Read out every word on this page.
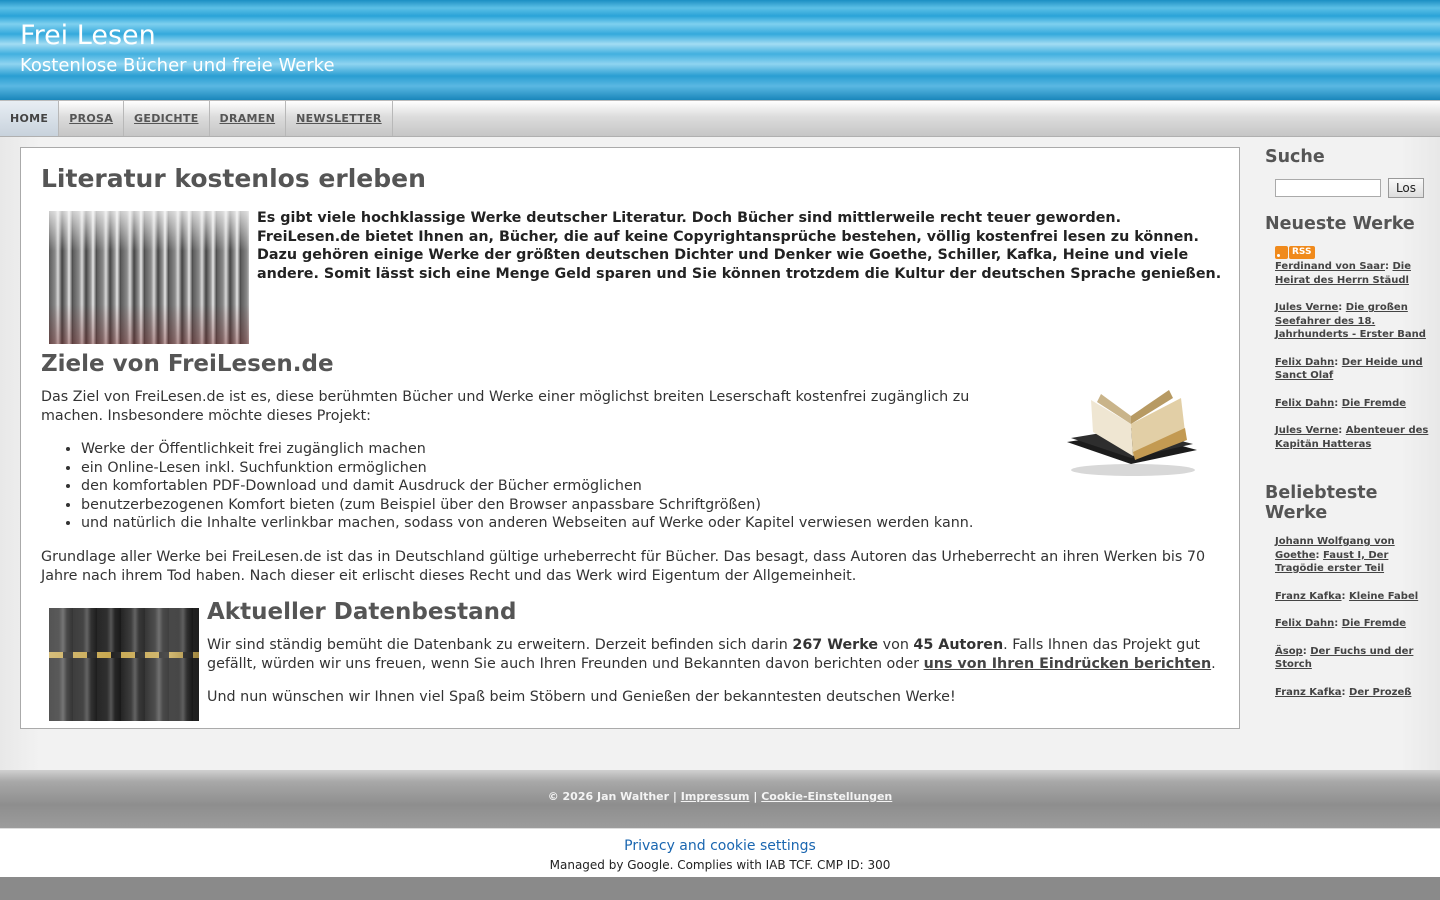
Frei Lesen

Kostenlose Bücher und freie Werke

HOME PROSA GEDICHTE DRAMEN NEWSLETTER
Literatur kostenlos erleben

Es gibt viele hochklassige Werke deutscher Literatur. Doch Bücher sind mittlerweile recht teuer geworden. FreiLesen.de bietet Ihnen an, Bücher, die auf keine Copyrightansprüche bestehen, völlig kostenfrei lesen zu können. Dazu gehören einige Werke der größten deutschen Dichter und Denker wie Goethe, Schiller, Kafka, Heine und viele andere. Somit lässt sich eine Menge Geld sparen und Sie können trotzdem die Kultur der deutschen Sprache genießen.

Ziele von FreiLesen.de

Das Ziel von FreiLesen.de ist es, diese berühmten Bücher und Werke einer möglichst breiten Leserschaft kostenfrei zugänglich zu machen. Insbesondere möchte dieses Projekt:

• Werke der Öffentlichkeit frei zugänglich machen
• ein Online-Lesen inkl. Suchfunktion ermöglichen
• den komfortablen PDF-Download und damit Ausdruck der Bücher ermöglichen
• benutzerbezogenen Komfort bieten (zum Beispiel über den Browser anpassbare Schriftgrößen)
• und natürlich die Inhalte verlinkbar machen, sodass von anderen Webseiten auf Werke oder Kapitel verwiesen werden kann.

Grundlage aller Werke bei FreiLesen.de ist das in Deutschland gültige urheberrecht für Bücher. Das besagt, dass Autoren das Urheberrecht an ihren Werken bis 70 Jahre nach ihrem Tod haben. Nach dieser eit erlischt dieses Recht und das Werk wird Eigentum der Allgemeinheit.

Aktueller Datenbestand

Wir sind ständig bemüht die Datenbank zu erweitern. Derzeit befinden sich darin 267 Werke von 45 Autoren. Falls Ihnen das Projekt gut gefällt, würden wir uns freuen, wenn Sie auch Ihren Freunden und Bekannten davon berichten oder uns von Ihren Eindrücken berichten.

Und nun wünschen wir Ihnen viel Spaß beim Stöbern und Genießen der bekanntesten deutschen Werke!

Suche
Los
Neueste Werke
RSS
Ferdinand von Saar: Die Heirat des Herrn Stäudl
Jules Verne: Die großen Seefahrer des 18. Jahrhunderts - Erster Band
Felix Dahn: Der Heide und Sanct Olaf
Felix Dahn: Die Fremde
Jules Verne: Abenteuer des Kapitän Hatteras
Beliebteste Werke
Johann Wolfgang von Goethe: Faust I, Der Tragödie erster Teil
Franz Kafka: Kleine Fabel
Felix Dahn: Die Fremde
Äsop: Der Fuchs und der Storch
Franz Kafka: Der Prozeß

© 2026 Jan Walther | Impressum | Cookie-Einstellungen

Privacy and cookie settings
Managed by Google. Complies with IAB TCF. CMP ID: 300
